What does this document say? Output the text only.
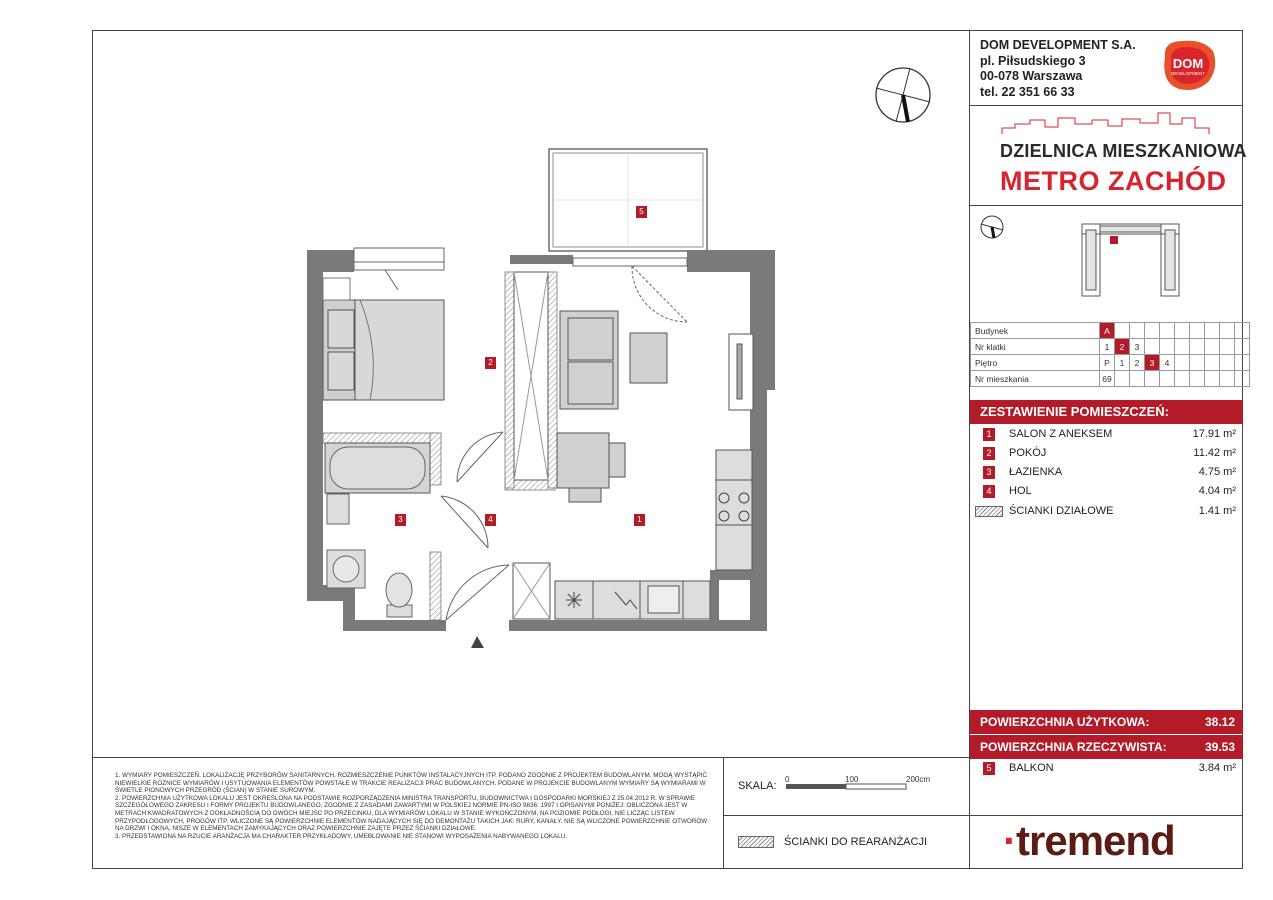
5
2
3	4	1
DOM DEVELOPMENT S.A.
pl. Piłsudskiego 3
00-078 Warszawa
tel. 22 351 66 33
DOM
DEVELOPMENT
DZIELNICA MIESZKANIOWA
METRO ZACHÓD
Budynek	A									
Nr klatki	1	2	3							
Piętro	P	1	2	3	4					
Nr mieszkania	69									
ZESTAWIENIE POMIESZCZEŃ:
1	SALON Z ANEKSEM	17.91 m²
2	POKÓJ	11.42 m²
3	ŁAZIENKA	4.75 m²
4	HOL	4.04 m²
ŚCIANKI DZIAŁOWE	1.41 m²
POWIERZCHNIA UŻYTKOWA:	38.12
POWIERZCHNIA RZECZYWISTA:	39.53
5	BALKON	3.84 m²
1. WYMIARY POMIESZCZEŃ, LOKALIZACJĘ PRZYBORÓW SANITARNYCH, ROZMIESZCZENIE PUNKTÓW INSTALACYJNYCH ITP. PODANO ZGODNIE Z PROJEKTEM BUDOWLANYM. MOGĄ WYSTĄPIĆ NIEWIELKIE RÓŻNICE WYMIARÓW I USYTUOWANIA ELEMENTÓW POWSTAŁE W TRAKCIE REALIZACJI PRAC BUDOWLANYCH. PODANE W PROJEKCIE BUDOWLANYM WYMIARY SĄ WYMIARAMI W ŚWIETLE PIONOWYCH PRZEGRÓD (ŚCIAN) W STANIE SUROWYM.
2. POWIERZCHNIA UŻYTKOWA LOKALU JEST OKREŚLONA NA PODSTAWIE ROZPORZĄDZENIA MINISTRA TRANSPORTU, BUDOWNICTWA I GOSPODARKI MORSKIEJ Z 25.04.2012 R. W SPRAWIE SZCZEGÓŁOWEGO ZAKRESU I FORMY PROJEKTU BUDOWLANEGO, ZGODNIE Z ZASADAMI ZAWARTYMI W POLSKIEJ NORMIE PN-ISO 9836: 1997 I OPISANYMI PONIŻEJ: OBLICZONA JEST W METRACH KWADRATOWYCH Z DOKŁADNOŚCIĄ DO DWÓCH MIEJSC PO PRZECINKU, DLA WYMIARÓW LOKALU W STANIE WYKOŃCZONYM, NA POZIOMIE PODŁOGI, NIE LICZĄC LISTEW PRZYPODŁOGOWYCH, PROGÓW ITP. WLICZONE SĄ POWIERZCHNIE ELEMENTÓW NADAJĄCYCH SIĘ DO DEMONTAŻU TAKICH JAK: RURY, KANAŁY. NIE SĄ WLICZONE POWIERZCHNIE OTWORÓW NA DRZWI I OKNA, NISZE W ELEMENTACH ZAMYKAJĄCYCH ORAZ POWIERZCHNIE ZAJĘTE PRZEZ ŚCIANKI DZIAŁOWE.
3. PRZEDSTAWIONA NA RZUCIE ARANŻACJA MA CHARAKTER PRZYKŁADOWY, UMEBLOWANIE NIE STANOWI WYPOSAŻENIA NABYWANEGO LOKALU.
SKALA:
0	100	200cm
ŚCIANKI DO REARANŻACJI ·tremend
